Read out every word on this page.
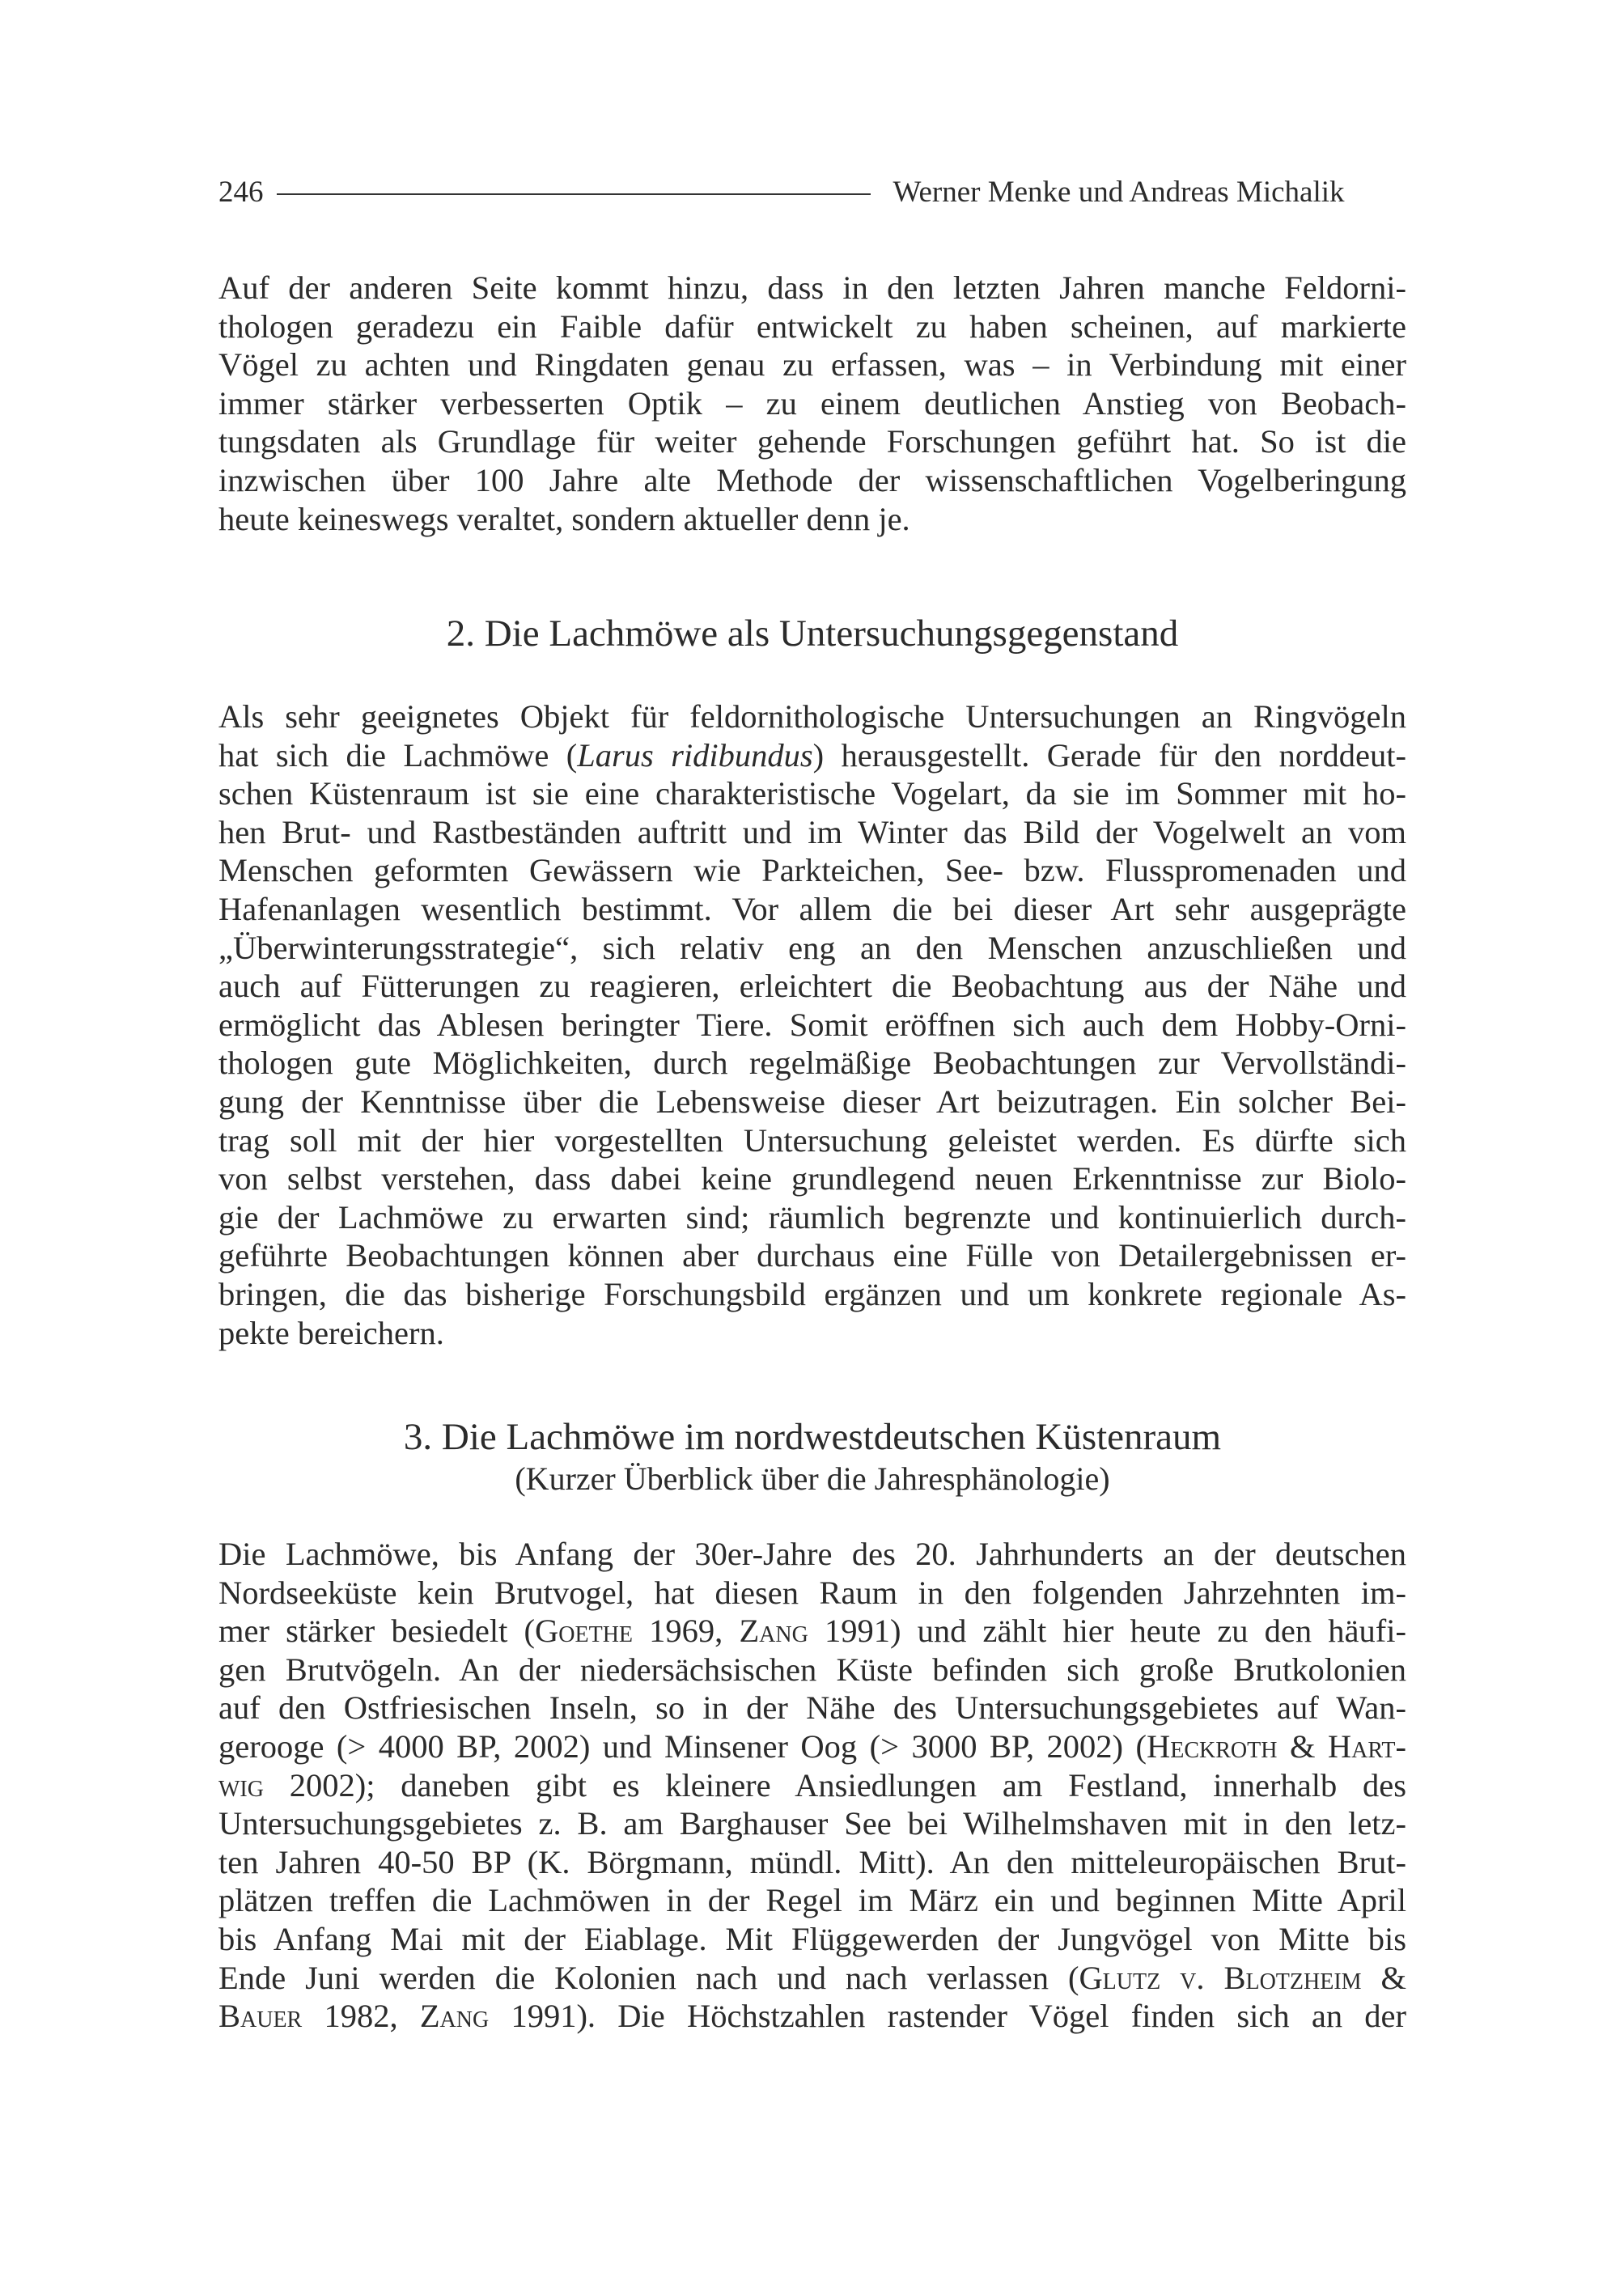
246	Werner Menke und Andreas Michalik
Auf der anderen Seite kommt hinzu, dass in den letzten Jahren manche Feldorni-
thologen geradezu ein Faible dafür entwickelt zu haben scheinen, auf markierte
Vögel zu achten und Ringdaten genau zu erfassen, was – in Verbindung mit einer
immer stärker verbesserten Optik – zu einem deutlichen Anstieg von Beobach-
tungsdaten als Grundlage für weiter gehende Forschungen geführt hat. So ist die
inzwischen über 100 Jahre alte Methode der wissenschaftlichen Vogelberingung
heute keineswegs veraltet, sondern aktueller denn je.
2. Die Lachmöwe als Untersuchungsgegenstand
Als sehr geeignetes Objekt für feldornithologische Untersuchungen an Ringvögeln
hat sich die Lachmöwe (Larus ridibundus) herausgestellt. Gerade für den norddeut-
schen Küstenraum ist sie eine charakteristische Vogelart, da sie im Sommer mit ho-
hen Brut- und Rastbeständen auftritt und im Winter das Bild der Vogelwelt an vom
Menschen geformten Gewässern wie Parkteichen, See- bzw. Flusspromenaden und
Hafenanlagen wesentlich bestimmt. Vor allem die bei dieser Art sehr ausgeprägte
„Überwinterungsstrategie“, sich relativ eng an den Menschen anzuschließen und
auch auf Fütterungen zu reagieren, erleichtert die Beobachtung aus der Nähe und
ermöglicht das Ablesen beringter Tiere. Somit eröffnen sich auch dem Hobby-Orni-
thologen gute Möglichkeiten, durch regelmäßige Beobachtungen zur Vervollständi-
gung der Kenntnisse über die Lebensweise dieser Art beizutragen. Ein solcher Bei-
trag soll mit der hier vorgestellten Untersuchung geleistet werden. Es dürfte sich
von selbst verstehen, dass dabei keine grundlegend neuen Erkenntnisse zur Biolo-
gie der Lachmöwe zu erwarten sind; räumlich begrenzte und kontinuierlich durch-
geführte Beobachtungen können aber durchaus eine Fülle von Detailergebnissen er-
bringen, die das bisherige Forschungsbild ergänzen und um konkrete regionale As-
pekte bereichern.
3. Die Lachmöwe im nordwestdeutschen Küstenraum

(Kurzer Überblick über die Jahresphänologie)

Die Lachmöwe, bis Anfang der 30er-Jahre des 20. Jahrhunderts an der deutschen
Nordseeküste kein Brutvogel, hat diesen Raum in den folgenden Jahrzehnten im-
mer stärker besiedelt (Goethe 1969, Zang 1991) und zählt hier heute zu den häufi-
gen Brutvögeln. An der niedersächsischen Küste befinden sich große Brutkolonien
auf den Ostfriesischen Inseln, so in der Nähe des Untersuchungsgebietes auf Wan-
gerooge (> 4000 BP, 2002) und Minsener Oog (> 3000 BP, 2002) (Heckroth & Hart-
wig 2002); daneben gibt es kleinere Ansiedlungen am Festland, innerhalb des
Untersuchungsgebietes z. B. am Barghauser See bei Wilhelmshaven mit in den letz-
ten Jahren 40-50 BP (K. Börgmann, mündl. Mitt). An den mitteleuropäischen Brut-
plätzen treffen die Lachmöwen in der Regel im März ein und beginnen Mitte April
bis Anfang Mai mit der Eiablage. Mit Flüggewerden der Jungvögel von Mitte bis
Ende Juni werden die Kolonien nach und nach verlassen (Glutz v. Blotzheim &
Bauer 1982, Zang 1991). Die Höchstzahlen rastender Vögel finden sich an der
